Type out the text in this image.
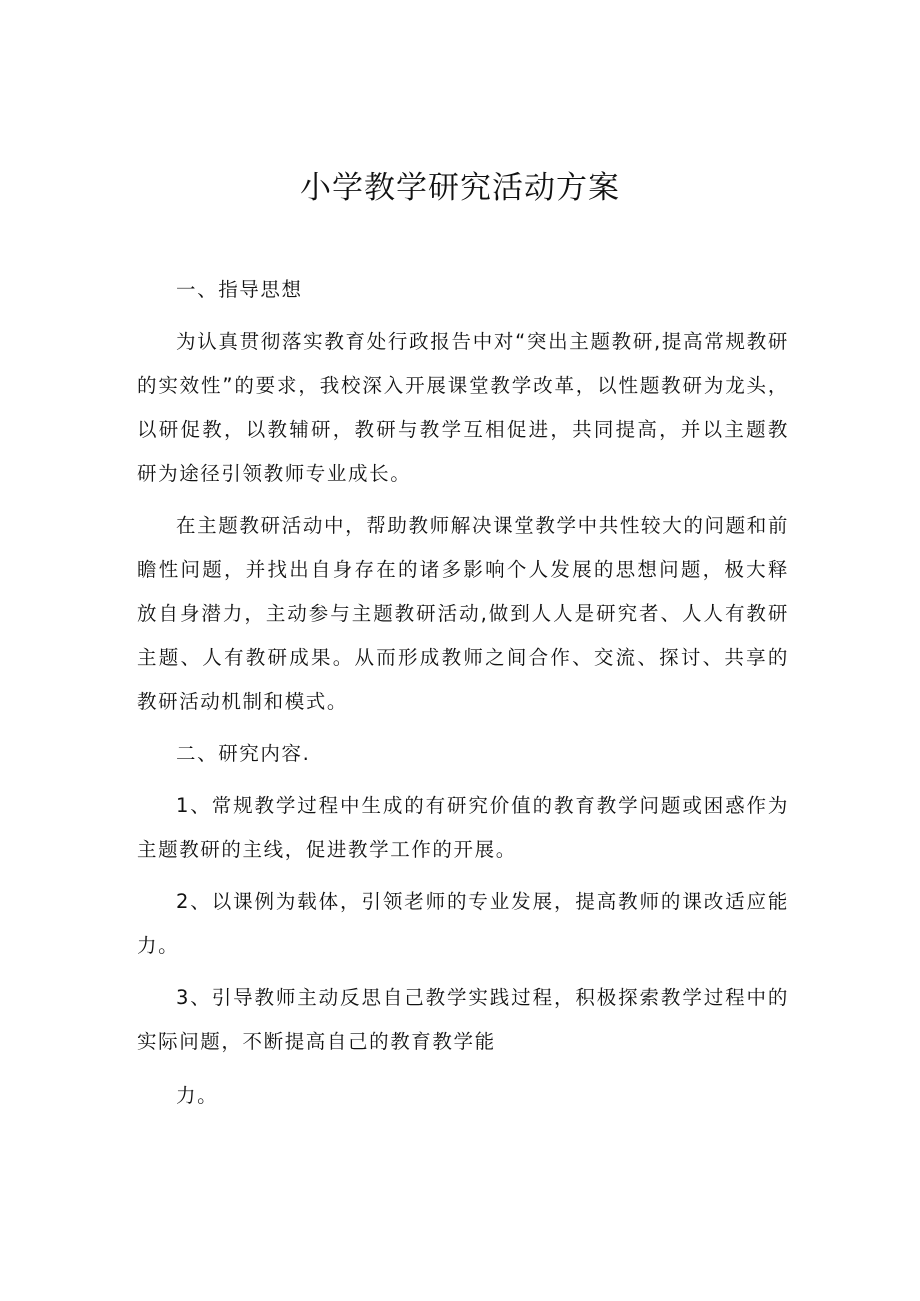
小学教学研究活动方案

一、指导思想

为认真贯彻落实教育处行政报告中对“突出主题教研,提高常规教研的实效性”的要求，我校深入开展课堂教学改革，以性题教研为龙头，以研促教，以教辅研，教研与教学互相促进，共同提高，并以主题教研为途径引领教师专业成长。

在主题教研活动中，帮助教师解决课堂教学中共性较大的问题和前瞻性问题，并找出自身存在的诸多影响个人发展的思想问题，极大释放自身潜力，主动参与主题教研活动,做到人人是研究者、人人有教研主题、人有教研成果。从而形成教师之间合作、交流、探讨、共享的教研活动机制和模式。

二、研究内容.

1、常规教学过程中生成的有研究价值的教育教学问题或困惑作为主题教研的主线，促进教学工作的开展。

2、以课例为载体，引领老师的专业发展，提高教师的课改适应能力。

3、引导教师主动反思自己教学实践过程，积极探索教学过程中的实际问题，不断提高自己的教育教学能

力。
